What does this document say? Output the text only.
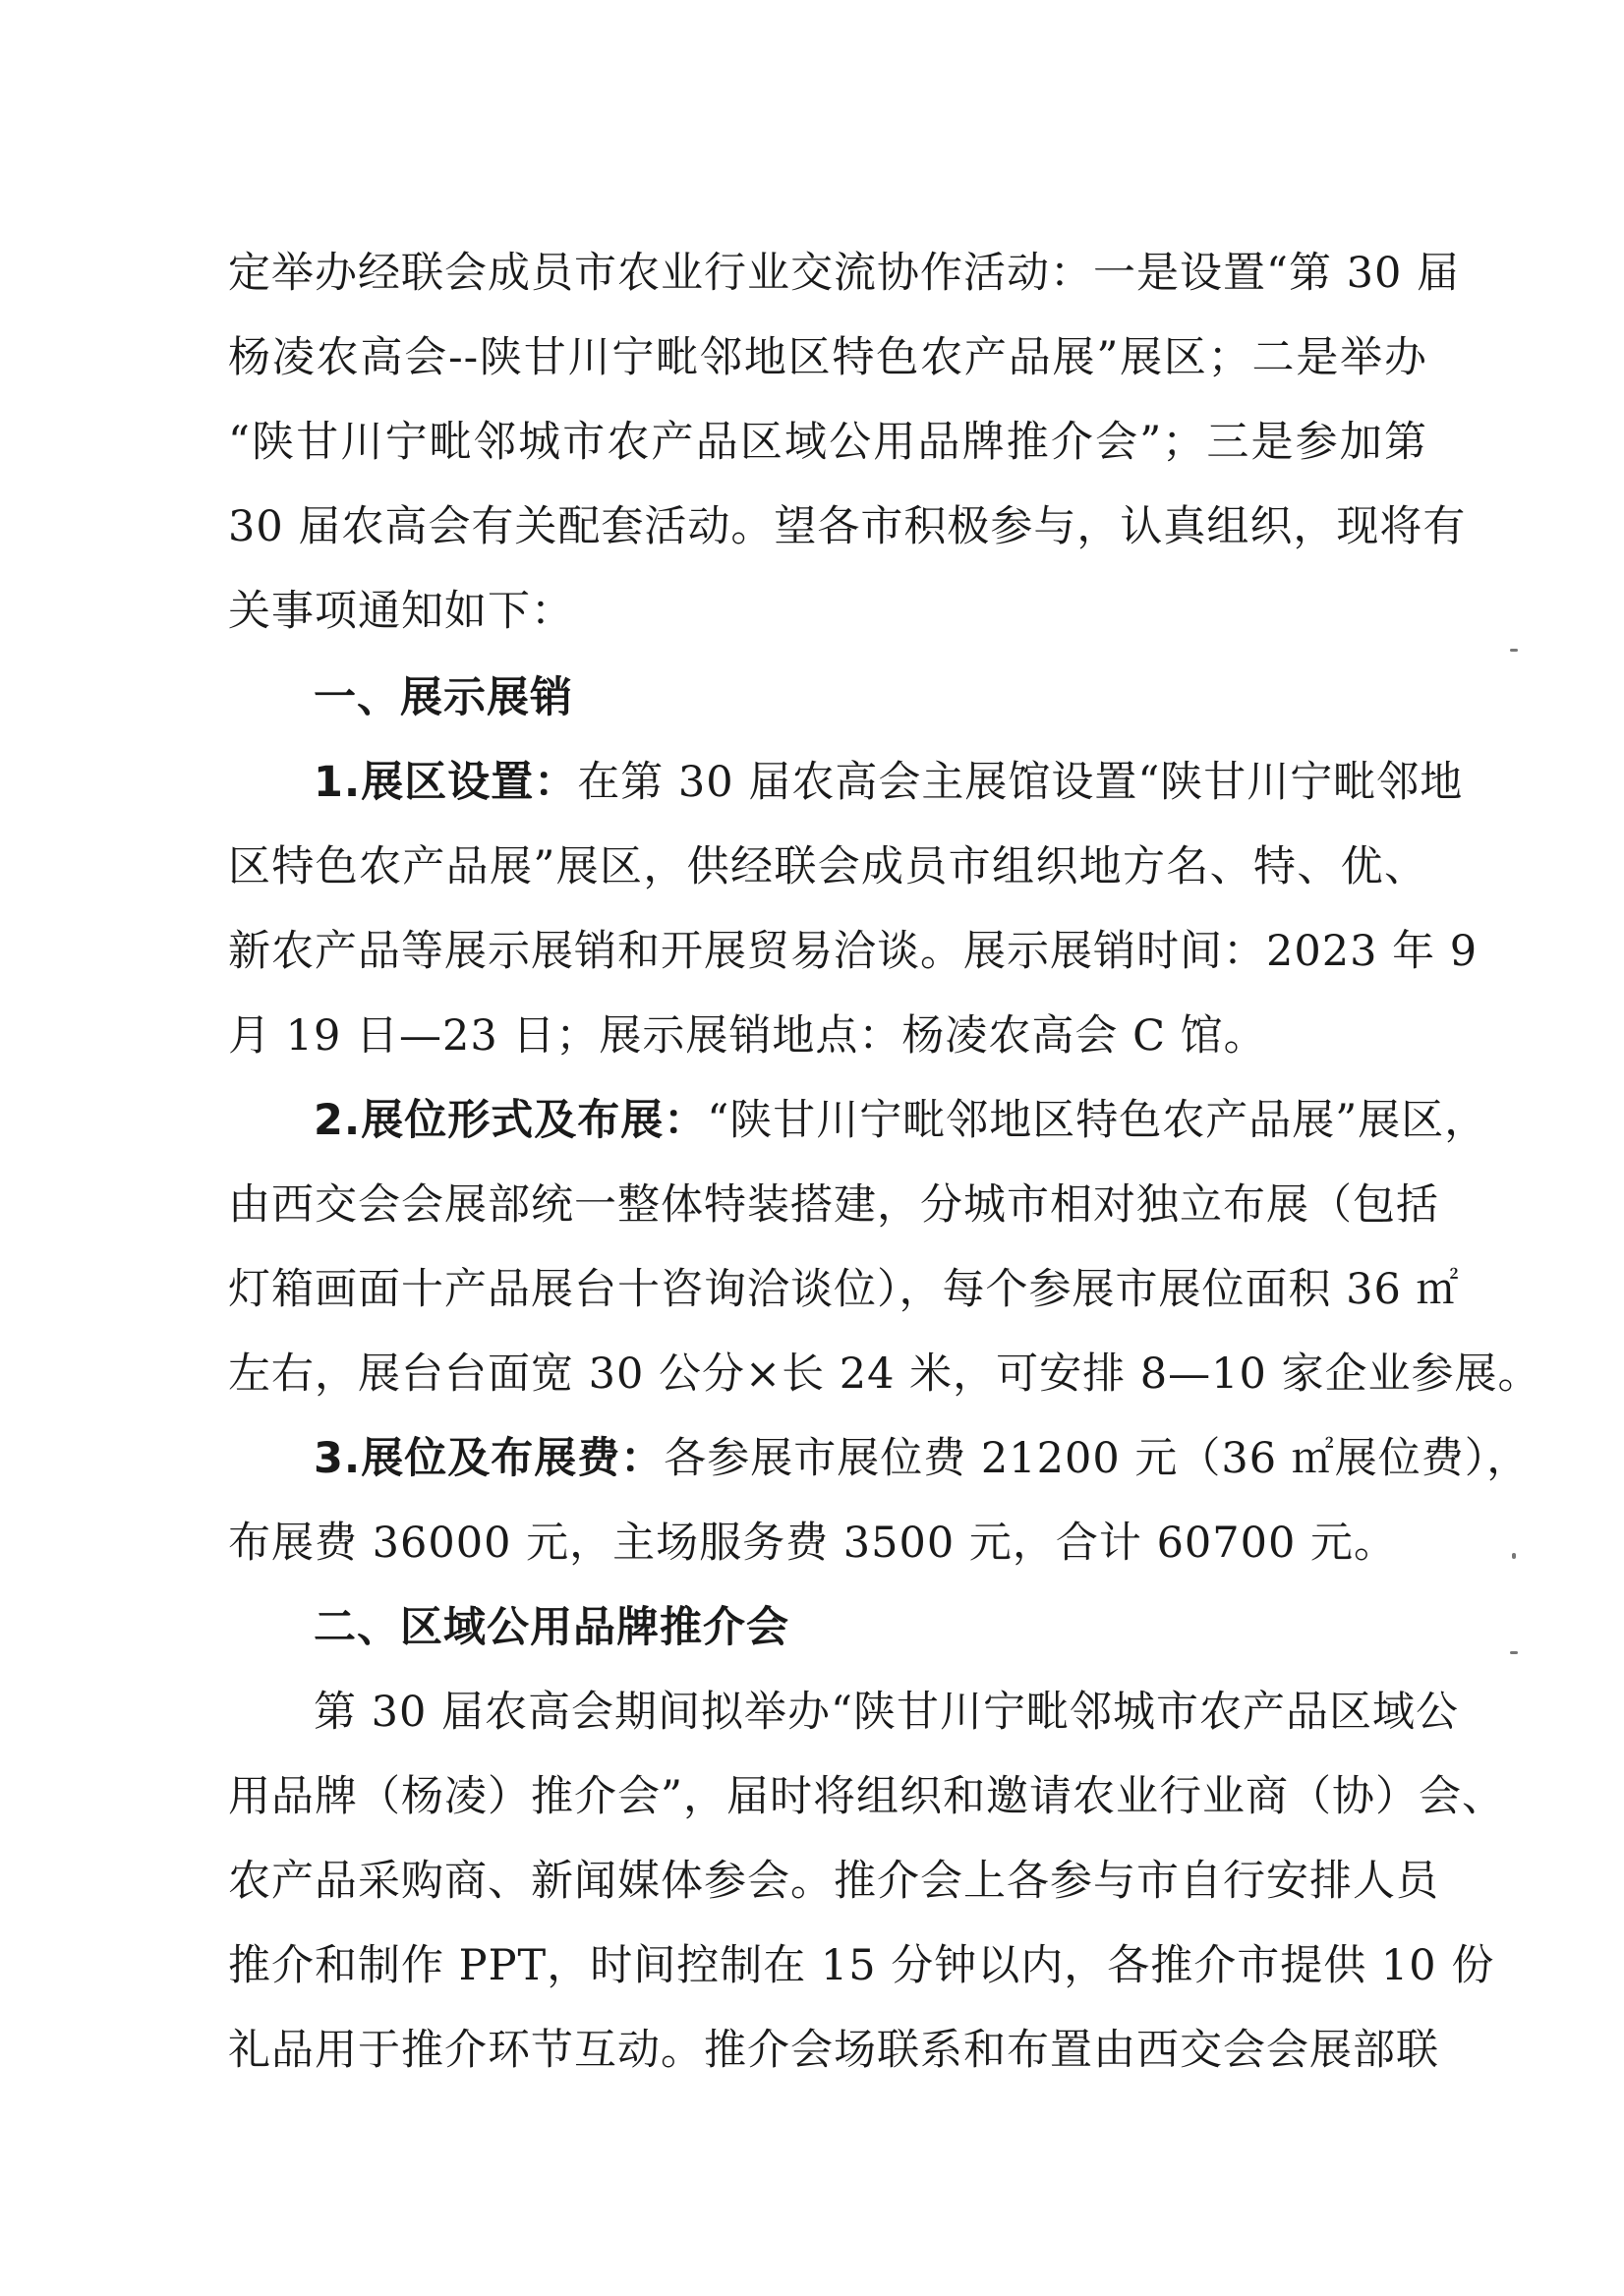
定举办经联会成员市农业行业交流协作活动：一是设置“第 30 届
杨凌农高会--陕甘川宁毗邻地区特色农产品展”展区；二是举办
“陕甘川宁毗邻城市农产品区域公用品牌推介会”；三是参加第
30 届农高会有关配套活动。望各市积极参与，认真组织，现将有
关事项通知如下：
一、展示展销
1.展区设置：在第 30 届农高会主展馆设置“陕甘川宁毗邻地
区特色农产品展”展区，供经联会成员市组织地方名、特、优、
新农产品等展示展销和开展贸易洽谈。展示展销时间：2023 年 9
月 19 日—23 日；展示展销地点：杨凌农高会 C 馆。
2.展位形式及布展：“陕甘川宁毗邻地区特色农产品展”展区，
由西交会会展部统一整体特装搭建，分城市相对独立布展（包括
灯箱画面十产品展台十咨询洽谈位），每个参展市展位面积 36 ㎡
左右，展台台面宽 30 公分×长 24 米，可安排 8—10 家企业参展。
3.展位及布展费：各参展市展位费 21200 元（36 ㎡展位费），
布展费 36000 元，主场服务费 3500 元，合计 60700 元。
二、区域公用品牌推介会
第 30 届农高会期间拟举办“陕甘川宁毗邻城市农产品区域公
用品牌（杨凌）推介会”，届时将组织和邀请农业行业商（协）会、
农产品采购商、新闻媒体参会。推介会上各参与市自行安排人员
推介和制作 PPT，时间控制在 15 分钟以内，各推介市提供 10 份
礼品用于推介环节互动。推介会场联系和布置由西交会会展部联
